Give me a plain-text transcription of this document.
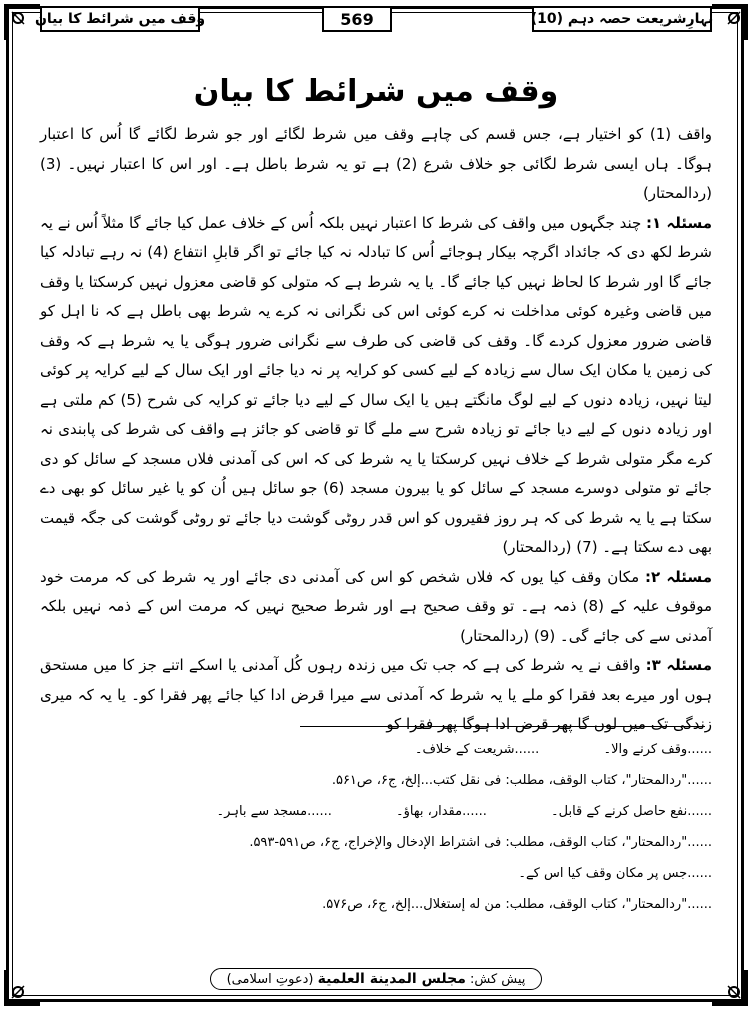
بہارِشریعت حصہ دہم (10)
569
وقف میں شرائط کا بیان
وقف میں شرائط کا بیان

واقف (1) کو اختیار ہے، جس قسم کی چاہے وقف میں شرط لگائے اور جو شرط لگائے گا اُس کا اعتبار ہوگا۔ ہاں ایسی شرط لگائی جو خلاف شرع (2) ہے تو یہ شرط باطل ہے۔ اور اس کا اعتبار نہیں۔ (3) (ردالمحتار)

مسئلہ ۱: چند جگہوں میں واقف کی شرط کا اعتبار نہیں بلکہ اُس کے خلاف عمل کیا جائے گا مثلاً اُس نے یہ شرط لکھ دی کہ جائداد اگرچہ بیکار ہوجائے اُس کا تبادلہ نہ کیا جائے تو اگر قابلِ انتفاع (4) نہ رہے تبادلہ کیا جائے گا اور شرط کا لحاظ نہیں کیا جائے گا۔ یا یہ شرط ہے کہ متولی کو قاضی معزول نہیں کرسکتا یا وقف میں قاضی وغیرہ کوئی مداخلت نہ کرے کوئی اس کی نگرانی نہ کرے یہ شرط بھی باطل ہے کہ نا اہل کو قاضی ضرور معزول کردے گا۔ وقف کی قاضی کی طرف سے نگرانی ضرور ہوگی یا یہ شرط ہے کہ وقف کی زمین یا مکان ایک سال سے زیادہ کے لیے کسی کو کرایہ پر نہ دیا جائے اور ایک سال کے لیے کرایہ پر کوئی لیتا نہیں، زیادہ دنوں کے لیے لوگ مانگتے ہیں یا ایک سال کے لیے دیا جائے تو کرایہ کی شرح (5) کم ملتی ہے اور زیادہ دنوں کے لیے دیا جائے تو زیادہ شرح سے ملے گا تو قاضی کو جائز ہے واقف کی شرط کی پابندی نہ کرے مگر متولی شرط کے خلاف نہیں کرسکتا یا یہ شرط کی کہ اس کی آمدنی فلاں مسجد کے سائل کو دی جائے تو متولی دوسرے مسجد کے سائل کو یا بیرون مسجد (6) جو سائل ہیں اُن کو یا غیر سائل کو بھی دے سکتا ہے یا یہ شرط کی کہ ہر روز فقیروں کو اس قدر روٹی گوشت دیا جائے تو روٹی گوشت کی جگہ قیمت بھی دے سکتا ہے۔ (7) (ردالمحتار)

مسئلہ ۲: مکان وقف کیا یوں کہ فلاں شخص کو اس کی آمدنی دی جائے اور یہ شرط کی کہ مرمت خود موقوف علیہ کے (8) ذمہ ہے۔ تو وقف صحیح ہے اور شرط صحیح نہیں کہ مرمت اس کے ذمہ نہیں بلکہ آمدنی سے کی جائے گی۔ (9) (ردالمحتار)

مسئلہ ۳: واقف نے یہ شرط کی ہے کہ جب تک میں زندہ رہوں کُل آمدنی یا اسکے اتنے جز کا میں مستحق ہوں اور میرے بعد فقرا کو ملے یا یہ شرط کہ آمدنی سے میرا قرض ادا کیا جائے پھر فقرا کو۔ یا یہ کہ میری زندگی تک میں لوں گا پھر قرض ادا ہوگا پھر فقرا کو

......وقف کرنے والا۔ ......شریعت کے خلاف۔
......"ردالمحتار"، کتاب الوقف، مطلب: فی نقل کتب...إلخ، ج۶، ص۵۶۱.
......نفع حاصل کرنے کے قابل۔ ......مقدار، بھاؤ۔ ......مسجد سے باہر۔
......"ردالمحتار"، کتاب الوقف، مطلب: فی اشتراط الإدخال والإخراج، ج۶، ص۵۹۱-۵۹۳.
......جس پر مکان وقف کیا اس کے۔
......"ردالمحتار"، کتاب الوقف، مطلب: من له إستغلال...إلخ، ج۶، ص۵۷۶.
پیش کش: مجلس المدینة العلمیة (دعوتِ اسلامی)
